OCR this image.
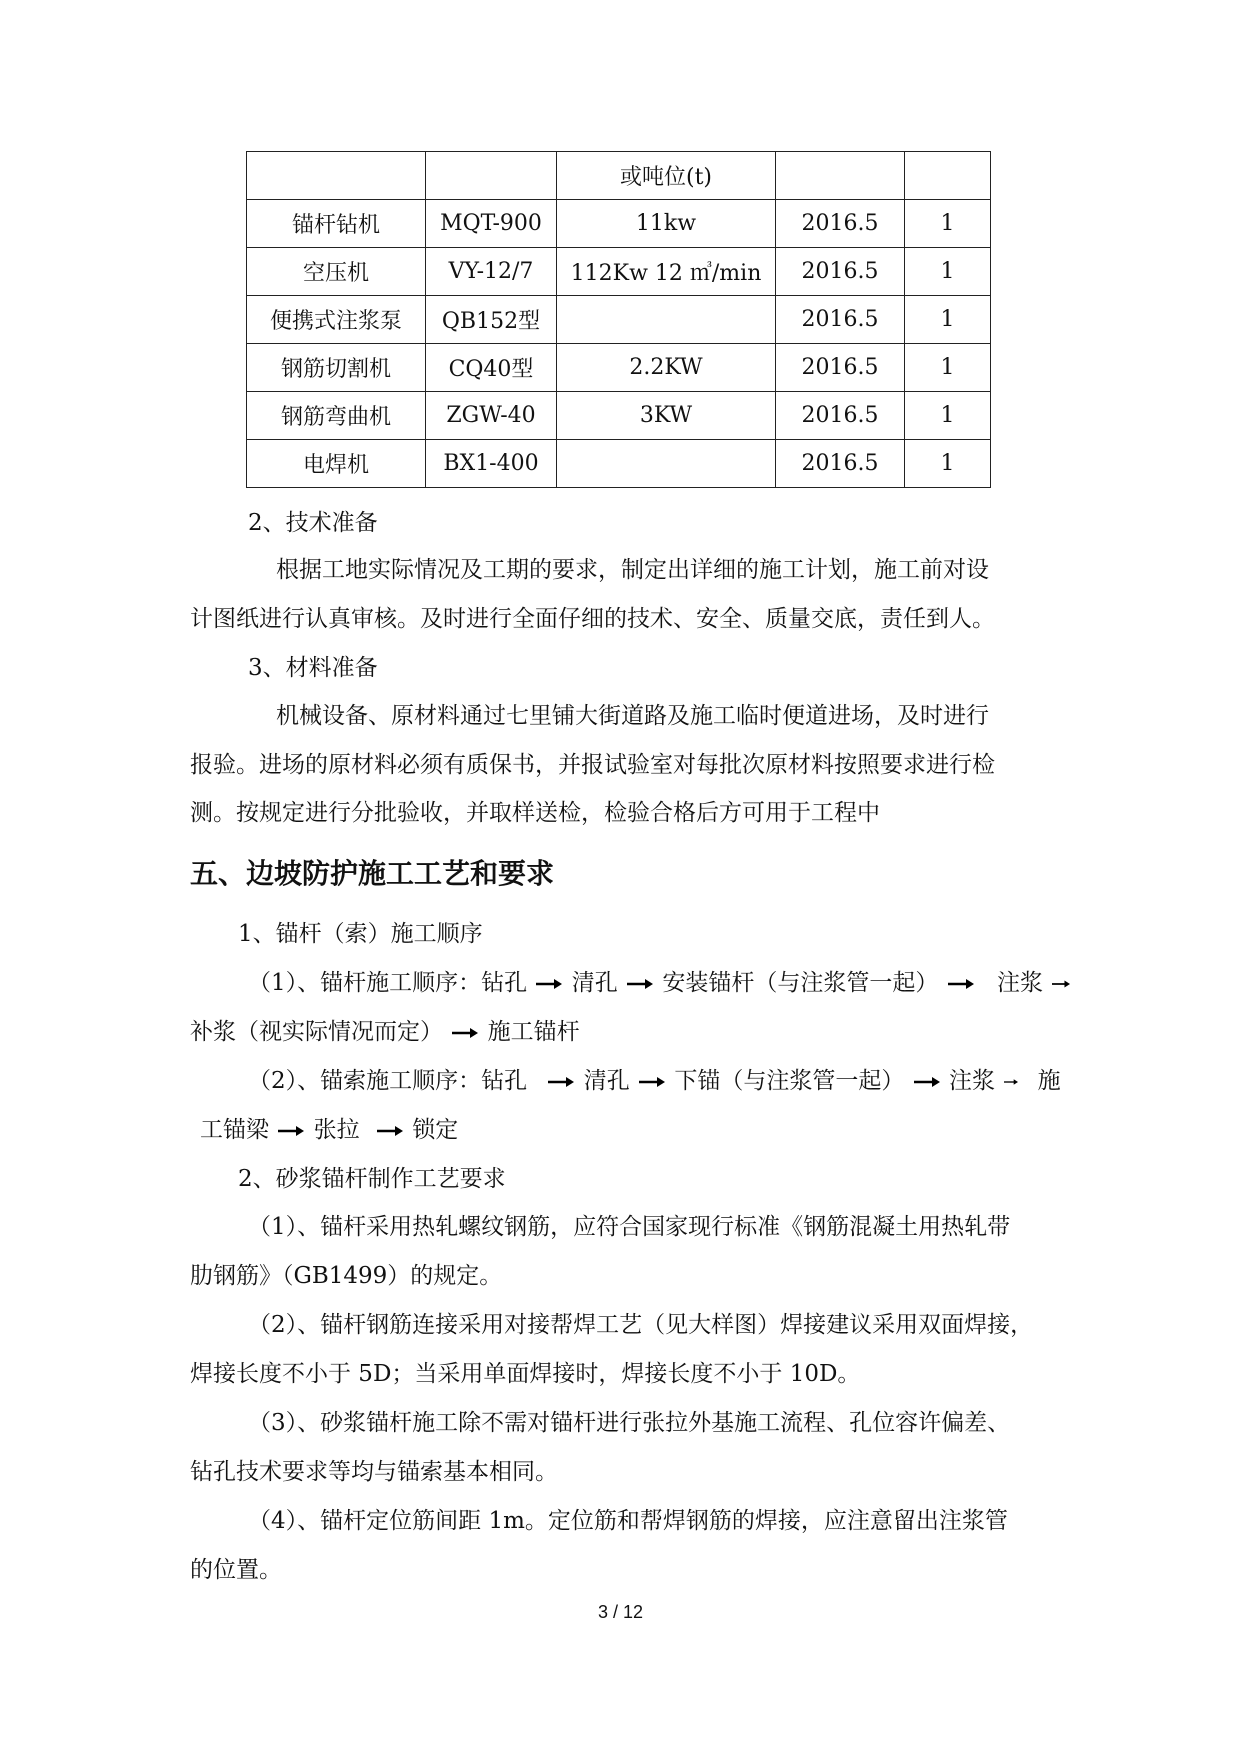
		或吨位(t)		
锚杆钻机	MQT-900	11kw	2016.5	1
空压机	VY-12/7	112Kw 12 ㎥/min	2016.5	1
便携式注浆泵	QB152型		2016.5	1
钢筋切割机	CQ40型	2.2KW	2016.5	1
钢筋弯曲机	ZGW-40	3KW	2016.5	1
电焊机	BX1-400		2016.5	1
2、技术准备
根据工地实际情况及工期的要求，制定出详细的施工计划，施工前对设
计图纸进行认真审核。及时进行全面仔细的技术、安全、质量交底，责任到人。
3、材料准备
机械设备、原材料通过七里铺大街道路及施工临时便道进场，及时进行
报验。进场的原材料必须有质保书，并报试验室对每批次原材料按照要求进行检
测。按规定进行分批验收，并取样送检，检验合格后方可用于工程中
五、边坡防护施工工艺和要求
1、锚杆（索）施工顺序
（1）、锚杆施工顺序：钻孔 清孔 安装锚杆（与注浆管一起）	注浆
补浆（视实际情况而定） 施工锚杆
（2）、锚索施工顺序：钻孔 清孔 下锚（与注浆管一起） 注浆 施
工锚梁 张拉 锁定
2、砂浆锚杆制作工艺要求
（1）、锚杆采用热轧螺纹钢筋，应符合国家现行标准《钢筋混凝土用热轧带
肋钢筋》（GB1499）的规定。
（2）、锚杆钢筋连接采用对接帮焊工艺（见大样图）焊接建议采用双面焊接，
焊接长度不小于 5D；当采用单面焊接时，焊接长度不小于 10D。
（3）、砂浆锚杆施工除不需对锚杆进行张拉外基施工流程、孔位容许偏差、
钻孔技术要求等均与锚索基本相同。
（4）、锚杆定位筋间距 1m。定位筋和帮焊钢筋的焊接，应注意留出注浆管
的位置。
3 / 12
